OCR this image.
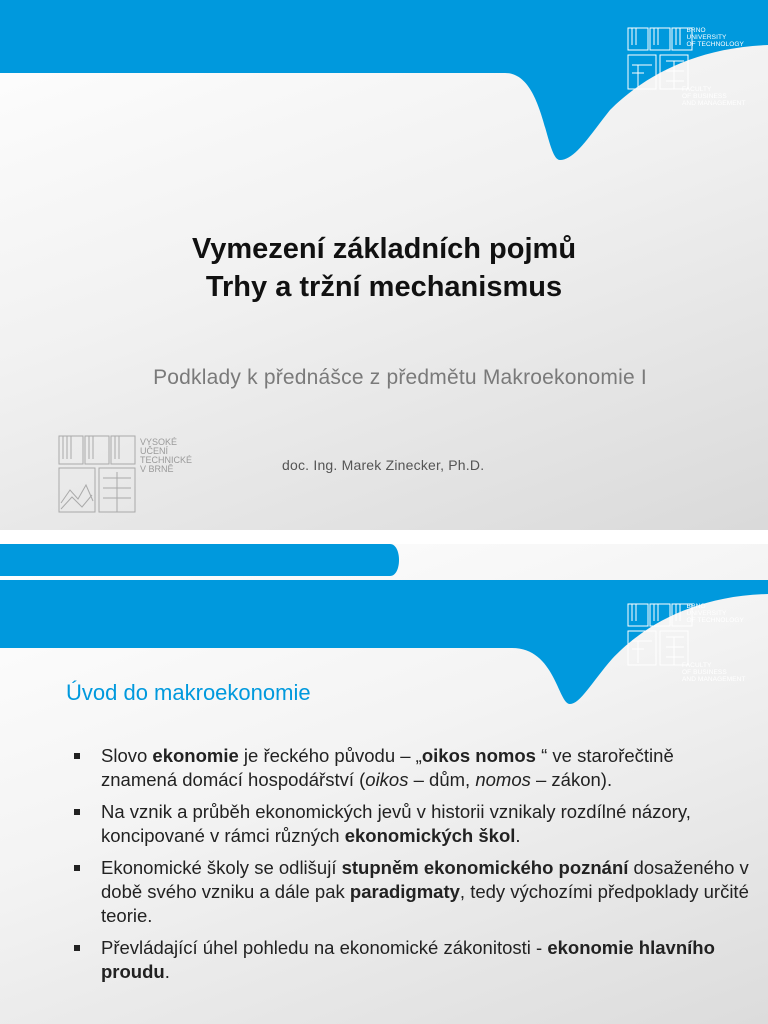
BRNO
UNIVERSITY
OF TECHNOLOGY
FACULTY
OF BUSINESS
AND MANAGEMENT
Vymezení základních pojmů
Trhy a tržní mechanismus
Podklady k přednášce z předmětu Makroekonomie I
VYSOKÉ
UČENÍ
TECHNICKÉ
V BRNĚ	doc. Ing. Marek Zinecker, Ph.D.
BRNO
UNIVERSITY
OF TECHNOLOGY
FACULTY
OF BUSINESS
AND MANAGEMENT
Úvod do makroekonomie
Slovo ekonomie je řeckého původu – „oikos nomos “ ve starořečtině znamená domácí hospodářství (oikos – dům, nomos – zákon).
Na vznik a průběh ekonomických jevů v historii vznikaly rozdílné názory, koncipované v rámci různých ekonomických škol.
Ekonomické školy se odlišují stupněm ekonomického poznání dosaženého v době svého vzniku a dále pak paradigmaty, tedy výchozími předpoklady určité teorie.
Převládající úhel pohledu na ekonomické zákonitosti - ekonomie hlavního proudu.
